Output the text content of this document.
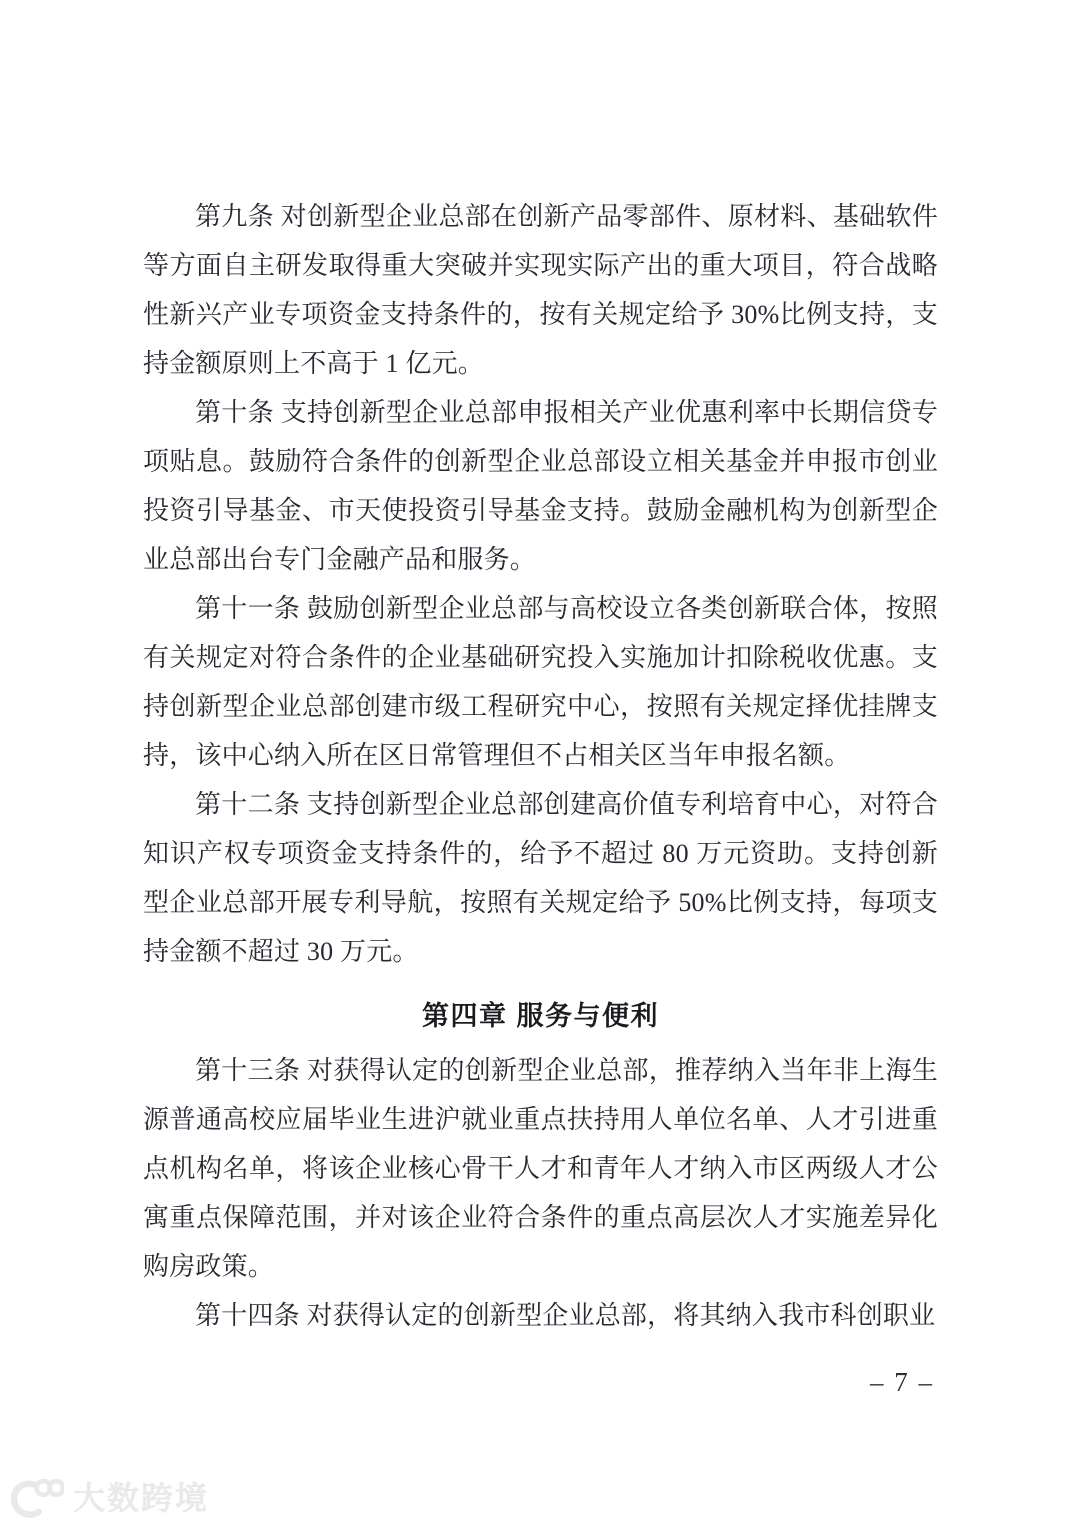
第九条 对创新型企业总部在创新产品零部件、原材料、基础软件等方面自主研发取得重大突破并实现实际产出的重大项目，符合战略性新兴产业专项资金支持条件的，按有关规定给予 30%比例支持，支持金额原则上不高于 1 亿元。

第十条 支持创新型企业总部申报相关产业优惠利率中长期信贷专项贴息。鼓励符合条件的创新型企业总部设立相关基金并申报市创业投资引导基金、市天使投资引导基金支持。鼓励金融机构为创新型企业总部出台专门金融产品和服务。

第十一条 鼓励创新型企业总部与高校设立各类创新联合体，按照有关规定对符合条件的企业基础研究投入实施加计扣除税收优惠。支持创新型企业总部创建市级工程研究中心，按照有关规定择优挂牌支持，该中心纳入所在区日常管理但不占相关区当年申报名额。

第十二条 支持创新型企业总部创建高价值专利培育中心，对符合知识产权专项资金支持条件的，给予不超过 80 万元资助。支持创新型企业总部开展专利导航，按照有关规定给予 50%比例支持，每项支持金额不超过 30 万元。

第四章 服务与便利

第十三条 对获得认定的创新型企业总部，推荐纳入当年非上海生源普通高校应届毕业生进沪就业重点扶持用人单位名单、人才引进重点机构名单，将该企业核心骨干人才和青年人才纳入市区两级人才公寓重点保障范围，并对该企业符合条件的重点高层次人才实施差异化购房政策。

第十四条 对获得认定的创新型企业总部，将其纳入我市科创职业

– 7 –
大数跨境
